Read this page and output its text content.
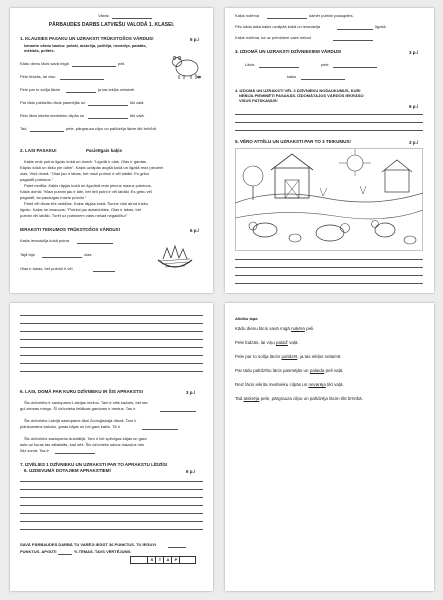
Vārds:
PĀRBAUDES DARBS LATVIEŠU VALODĀ 1. KLASEI.
1. KLAUSIES PASAKU UN UZRAKSTI TRŪKSTOŠOS VĀRDUS!	6 p./
Izmanto vārdu banku: pelaši, atskrēja, pelītēja, nevarēja, paiatās,
mēkšās, pelītēs.
Kādu dienu lācis savā migā	peli.
Pele lūdzās, lai viņu
Pele par to solīja lācim	ja tas iekļūs nelaimē.
Par tādu palīdzību lācis pasmējās un	tiki vaļā.
Reiz lācis iekrita mednieku cilpās un	tikt vaļā.
Tad	pele, pārgrauza cilpu un palīdzēja lācim tikt brīvībā.
2. LASI PASAKU!	Pacietīgais kaķis
Kaķis redz putna ligzdu kokā un domā: "Ligzdā ir olas. Olas ir gardas.
Kāpšu kokā un tikšu pie olām". Kaķis uzrāpās augšā kokā un ligzdā redz pieciem
olas. Viņš domā: "Olas jau ir labas, bet mazi putniņi ir vēl labāki. Es gribu
pagaidīt putniņus."
Paiet nedēļa. Kaķis rāpjas kokā un ligzdiņā redz piecus mazus putniņus.
Kaķis domā: "Mazi putniņi jau ir labi, bet lieli putni ir vēl labāki. Es gribu vēl
pagaidīt, lai pauaugas maziе putniņi."
Paiet vēl divas trīs nedēļas. Kaķis rāpjas kokā. Šoreiz viņš atrod tukšu
ligzdu. Kaķis ne izsaucas: "Putniņi jau aizlaidušies. Olas ir labas, bet
putniņi vēl labāki. Turēt uz putniņiem vairs nekad negaidīšu!"
IERAKSTI TEIKUMOS TRŪKSTOŠOS VĀRDUS!	6 p./
Kaķis ieraudzīja kokā putna
Tajā bija	olas.
Olas ir labas, bet putniņi ir vēl
Kaķis nolēma	kamēr putniņi paaugdies.
Pēc kāda laika kaķis uzrāpās kokā un ieraudzīja	ligzdā.
Kaķis nolēma, ka uz putniņiem vairs nekad
3. IZDOMĀ UN UZRAKSTI DZĪVNIEKIEM VĀRDUS!	3 p./
Lācis	pele
kaķis
4. IZDOMĀ UN UZRAKSTI VĒL 3 DZĪVNIEKU NOSAUKUMUS, KURI
NEBIJA PIEMINĒTI PASAKĀS. IZDOMĀTAJOS VĀRDOS IEKRĀSO
VISUS PATSKAŅUS!
6 p./
5. VĒRO ATTĒLU UN UZRAKSTI PAR TO 3 TEIKUMUS!	3 p./
6. LASI, DOMĀ PAR KURU DZĪVNIEKU IR ŠIS APRAKSTS!	3 p./
Šis dzīvnieks ir sastopams Latvijas mežos. Tam ir silts kažoks, bet tas
gul ziemas miegu. Šī dzīvnieka lielākais gardums ir medus. Tas ir
Šis dzīvnieks Latvijā sastopams tikai Zooloģiskajā dārzā. Tam ir
plankumains kažoks, garas kājas un ļoti gara kakls. Tā ir
Šis dzīvnieks sastopams Austrālijā. Tam ir ļoti spēcīgas kājas un gara
aste uz kuras tas atbalstās, kad sēž. Šis dzīvnieks savus mazuļus nes
līdz somā. Tas ir
7. IZVĒLIES 1 DZĪVNIEKU UN UZRAKSTI PAR TO APRAKSTU LĪDZĪGI
6. UZDEVUMĀ DOTAJIEM APRAKSTIEM!	6 p./
SAVĀ PĀRBAUDES DARBĀ TU VARĒJI IEGŪT 36 PUNKTUS. TU IEGUVI
PUNKTUS. APGŪTI	% TĒMAS. TAVS VĒRTĒJUMS
S	T	A	P
Atbilžu lapa
Kādu dienu lācis savā migā noķēra peli.
Pele lūdzās, lai viņu palaiž vaļā.
Pele par to solīja lācim palīdzēt, ja tas iekļūs nelaimē.
Par tādu palīdzību lācis pasmējās un palaida peli vaļā.
Reiz lācis iekrita mednieku cilpās un nevarēja tikt vaļā.
Tad atskrēja pele, pārgrauza cilpu un palīdzēja lācim tikt brīvībā.
